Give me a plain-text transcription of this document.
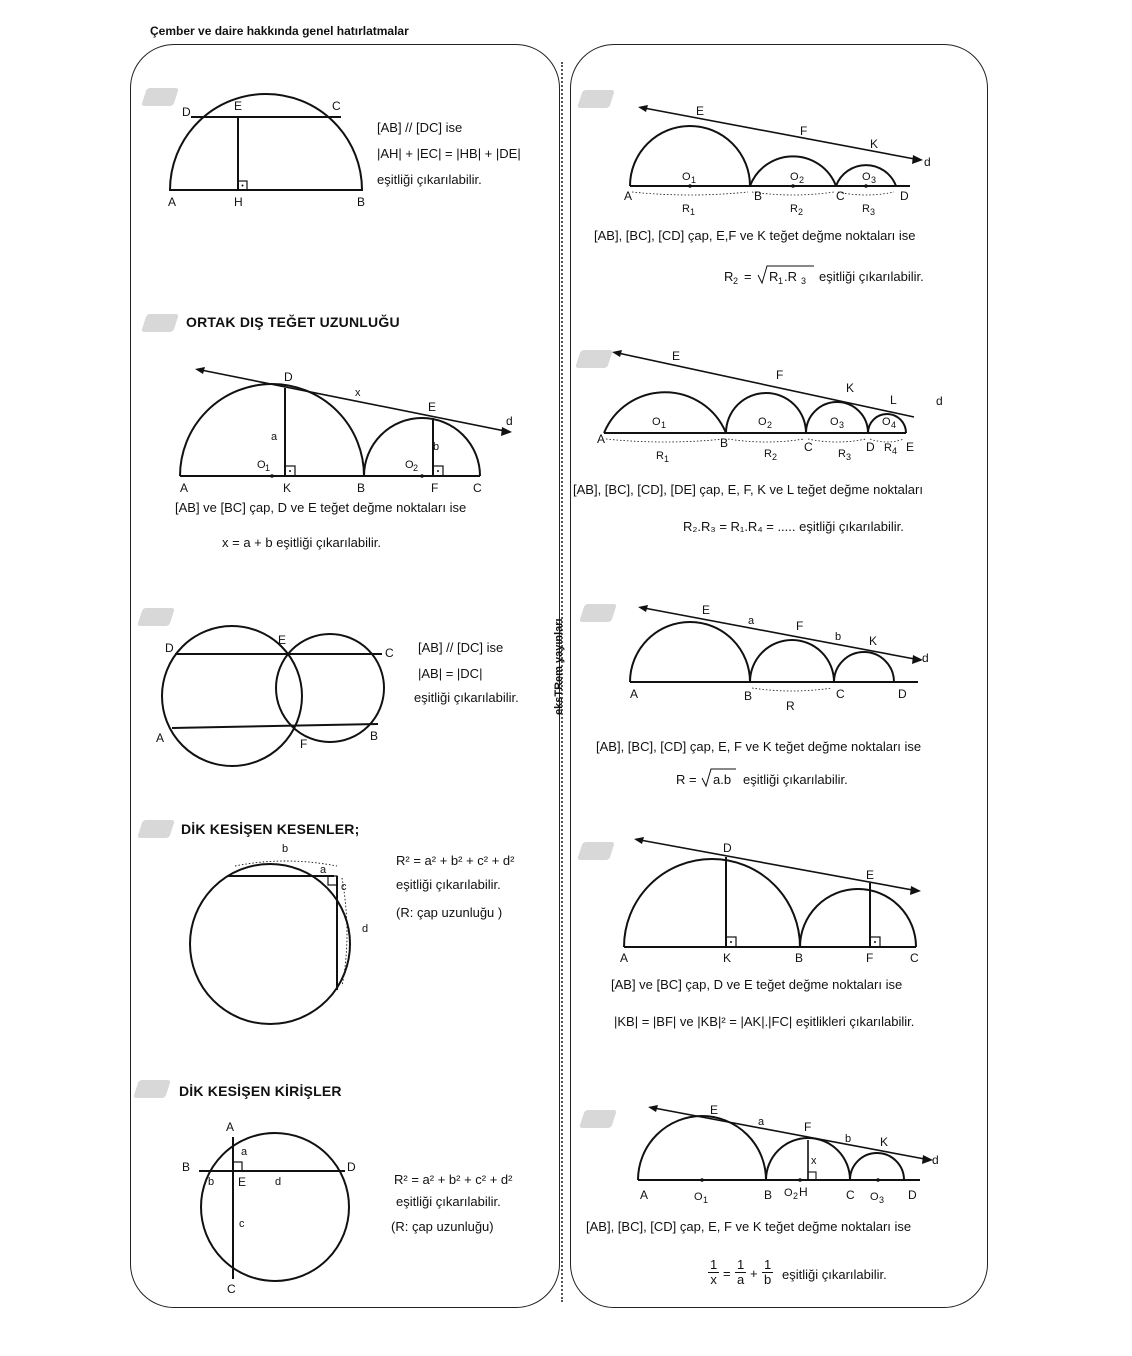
Çember ve daire hakkında genel hatırlatmalar
eksTRem yayınları
162
D	E	C
A	H	B
[AB] // [DC] ise
|AH| + |EC| = |HB| + |DE|
eşitliği çıkarılabilir.
ORTAK DIŞ TEĞET UZUNLUĞU
D
x
E
d
a
b
O 1	O 2
A	K	B	F	C
[AB] ve [BC] çap, D ve E teğet değme noktaları ise
x = a + b eşitliği çıkarılabilir.
D
E
C
A	F
B
[AB] // [DC] ise
|AB| = |DC|
eşitliği çıkarılabilir.
DİK KESİŞEN KESENLER;
a
b
c
d
R² = a² + b² + c² + d²
eşitliği çıkarılabilir.
(R: çap uzunluğu )
DİK KESİŞEN KİRİŞLER
A
B	D
C
E
a
b
c
d	R² = a² + b² + c² + d²
eşitliği çıkarılabilir.
(R: çap uzunluğu)
E
F
K
d
O 1	O 2	O 3
A	B	C	D
R 1	R 2	R 3
[AB], [BC], [CD] çap, E,F ve K teğet değme noktaları ise
R 2 = R 1 .R 3 eşitliği çıkarılabilir.
E
F
K
L	d
O 1	O 2	O 3	O 4
A	B	C	D	E
R 1	R 2	R 3
R 4
[AB], [BC], [CD], [DE] çap, E, F, K ve L teğet değme noktaları
R₂.R₃ = R₁.R₄ = ..... eşitliği çıkarılabilir.
E
a	F
b K
d
A	B	C	D
R
[AB], [BC], [CD] çap, E, F ve K teğet değme noktaları ise
R = a.b eşitliği çıkarılabilir.
D
E
A	K	B	F	C
[AB] ve [BC] çap, D ve E teğet değme noktaları ise
|KB| = |BF| ve |KB|² = |AK|.|FC| eşitlikleri çıkarılabilir.
E
a	F
b K
d
x
A	O 1	B O 2 H	C O 3 D
[AB], [BC], [CD] çap, E, F ve K teğet değme noktaları ise
$\frac{1}{x} = \frac{1}{a} + \frac{1}{b}$ eşitliği çıkarılabilir.
